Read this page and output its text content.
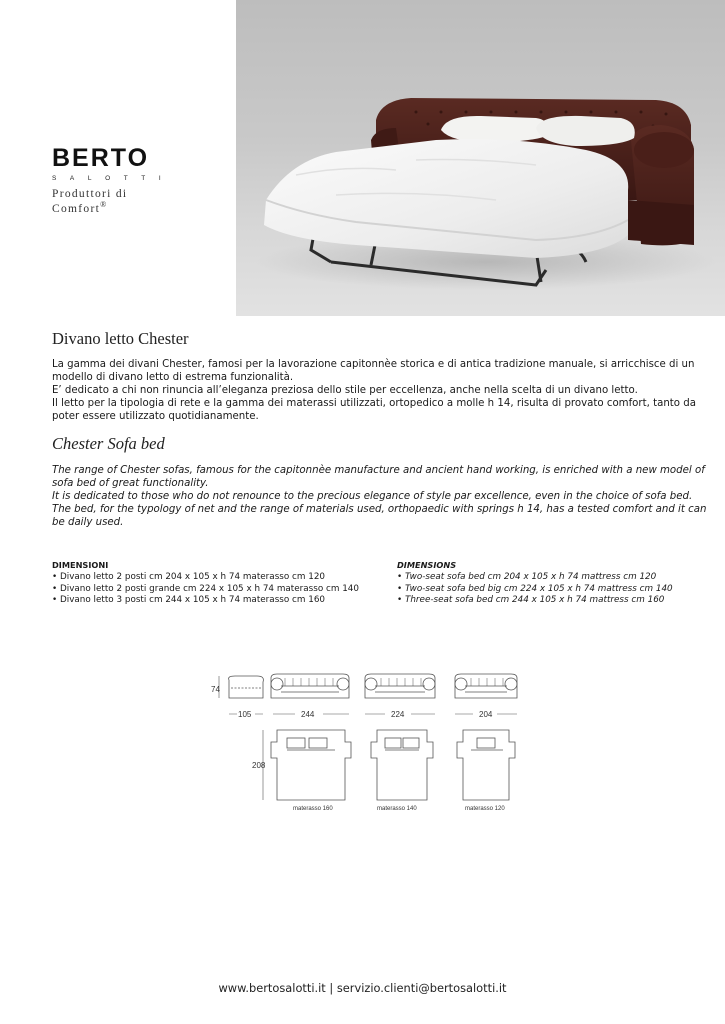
BERTO
SALOTTI
Produttori di Comfort®
Divano letto Chester
La gamma dei divani Chester, famosi per la lavorazione capitonnèe storica e di antica tradizione manuale, si arricchisce di un modello di divano letto di estrema funzionalità.
E’ dedicato a chi non rinuncia all’eleganza preziosa dello stile per eccellenza, anche nella scelta di un divano letto.
Il letto per la tipologia di rete e la gamma dei materassi utilizzati, ortopedico a molle h 14, risulta di provato comfort, tanto da poter essere utilizzato quotidianamente.
Chester Sofa bed
The range of Chester sofas, famous for the capitonnèe manufacture and ancient hand working, is enriched with a new model of sofa bed of great functionality.
It is dedicated to those who do not renounce to the precious elegance of style par excellence, even in the choice of sofa bed.
The bed, for the typology of net and the range of materials used, orthopaedic with springs h 14, has a tested comfort and it can be daily used.
DIMENSIONI
• Divano letto 2 posti cm 204 x 105 x h 74 materasso cm 120
• Divano letto 2 posti grande cm 224 x 105 x h 74 materasso cm 140
• Divano letto 3 posti cm 244 x 105 x h 74 materasso cm 160
DIMENSIONS
• Two-seat sofa bed cm 204 x 105 x h 74 mattress cm 120
• Two-seat sofa bed big cm 224 x 105 x h 74 mattress cm 140
• Three-seat sofa bed cm 244 x 105 x h 74 mattress cm 160
74
105	244	224	204
208
materasso 160	materasso 140	materasso 120
www.bertosalotti.it | servizio.clienti@bertosalotti.it
